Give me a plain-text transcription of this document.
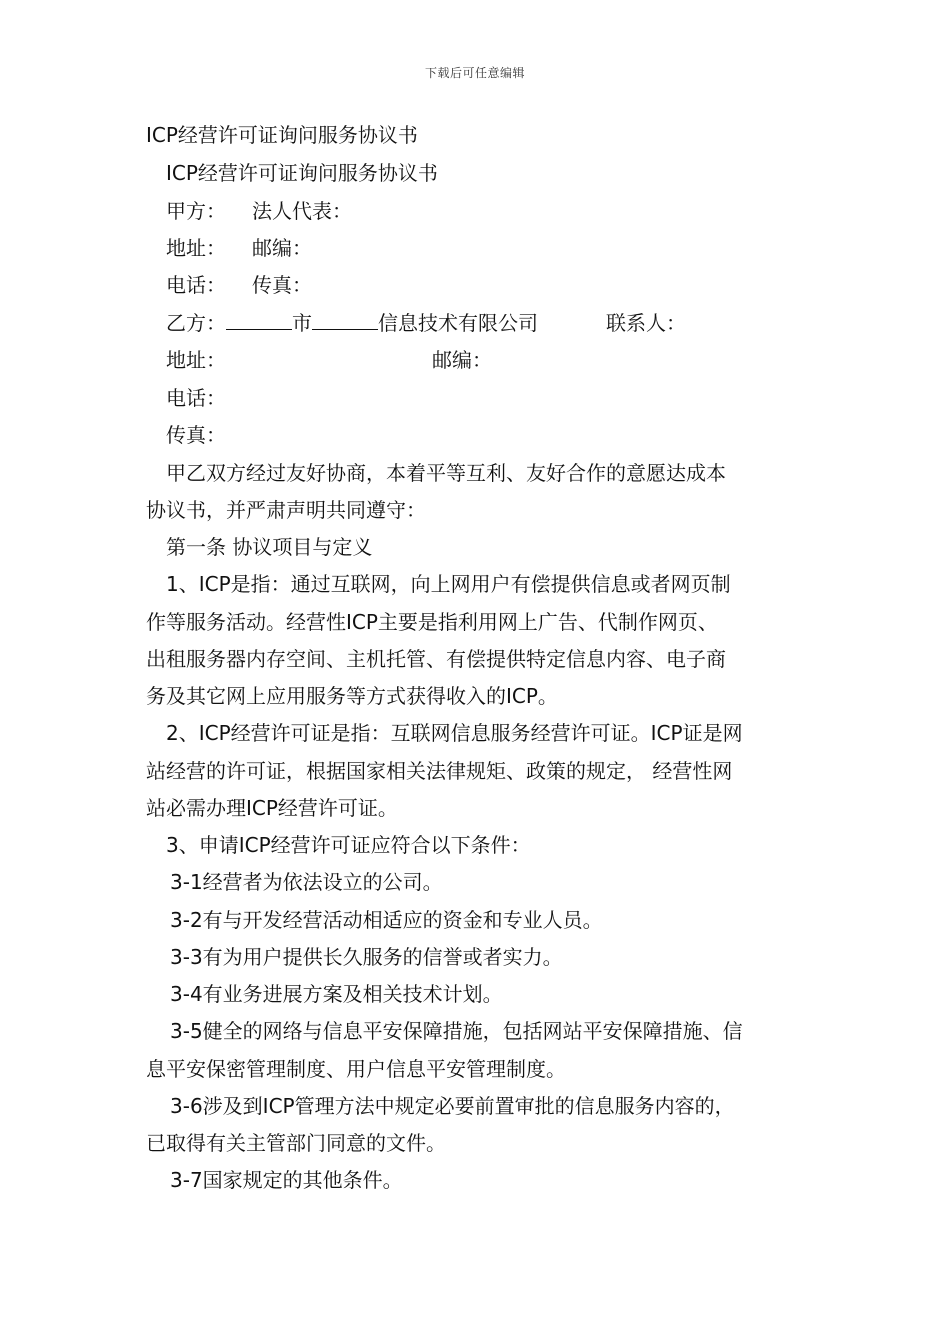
下载后可任意编辑
ICP经营许可证询问服务协议书
ICP经营许可证询问服务协议书
甲方： 法人代表：
地址： 邮编：
电话： 传真：
乙方：	市	信息技术有限公司	联系人：
地址：	邮编：
电话：
传真：
甲乙双方经过友好协商，本着平等互利、友好合作的意愿达成本
协议书，并严肃声明共同遵守：
第一条 协议项目与定义
1、ICP是指：通过互联网，向上网用户有偿提供信息或者网页制
作等服务活动。经营性ICP主要是指利用网上广告、代制作网页、
出租服务器内存空间、主机托管、有偿提供特定信息内容、电子商
务及其它网上应用服务等方式获得收入的ICP。
2、ICP经营许可证是指：互联网信息服务经营许可证。ICP证是网
站经营的许可证，根据国家相关法律规矩、政策的规定， 经营性网
站必需办理ICP经营许可证。
3、申请ICP经营许可证应符合以下条件：
3-1经营者为依法设立的公司。
3-2有与开发经营活动相适应的资金和专业人员。
3-3有为用户提供长久服务的信誉或者实力。
3-4有业务进展方案及相关技术计划。
3-5健全的网络与信息平安保障措施，包括网站平安保障措施、信
息平安保密管理制度、用户信息平安管理制度。
3-6涉及到ICP管理方法中规定必要前置审批的信息服务内容的，
已取得有关主管部门同意的文件。
3-7国家规定的其他条件。
